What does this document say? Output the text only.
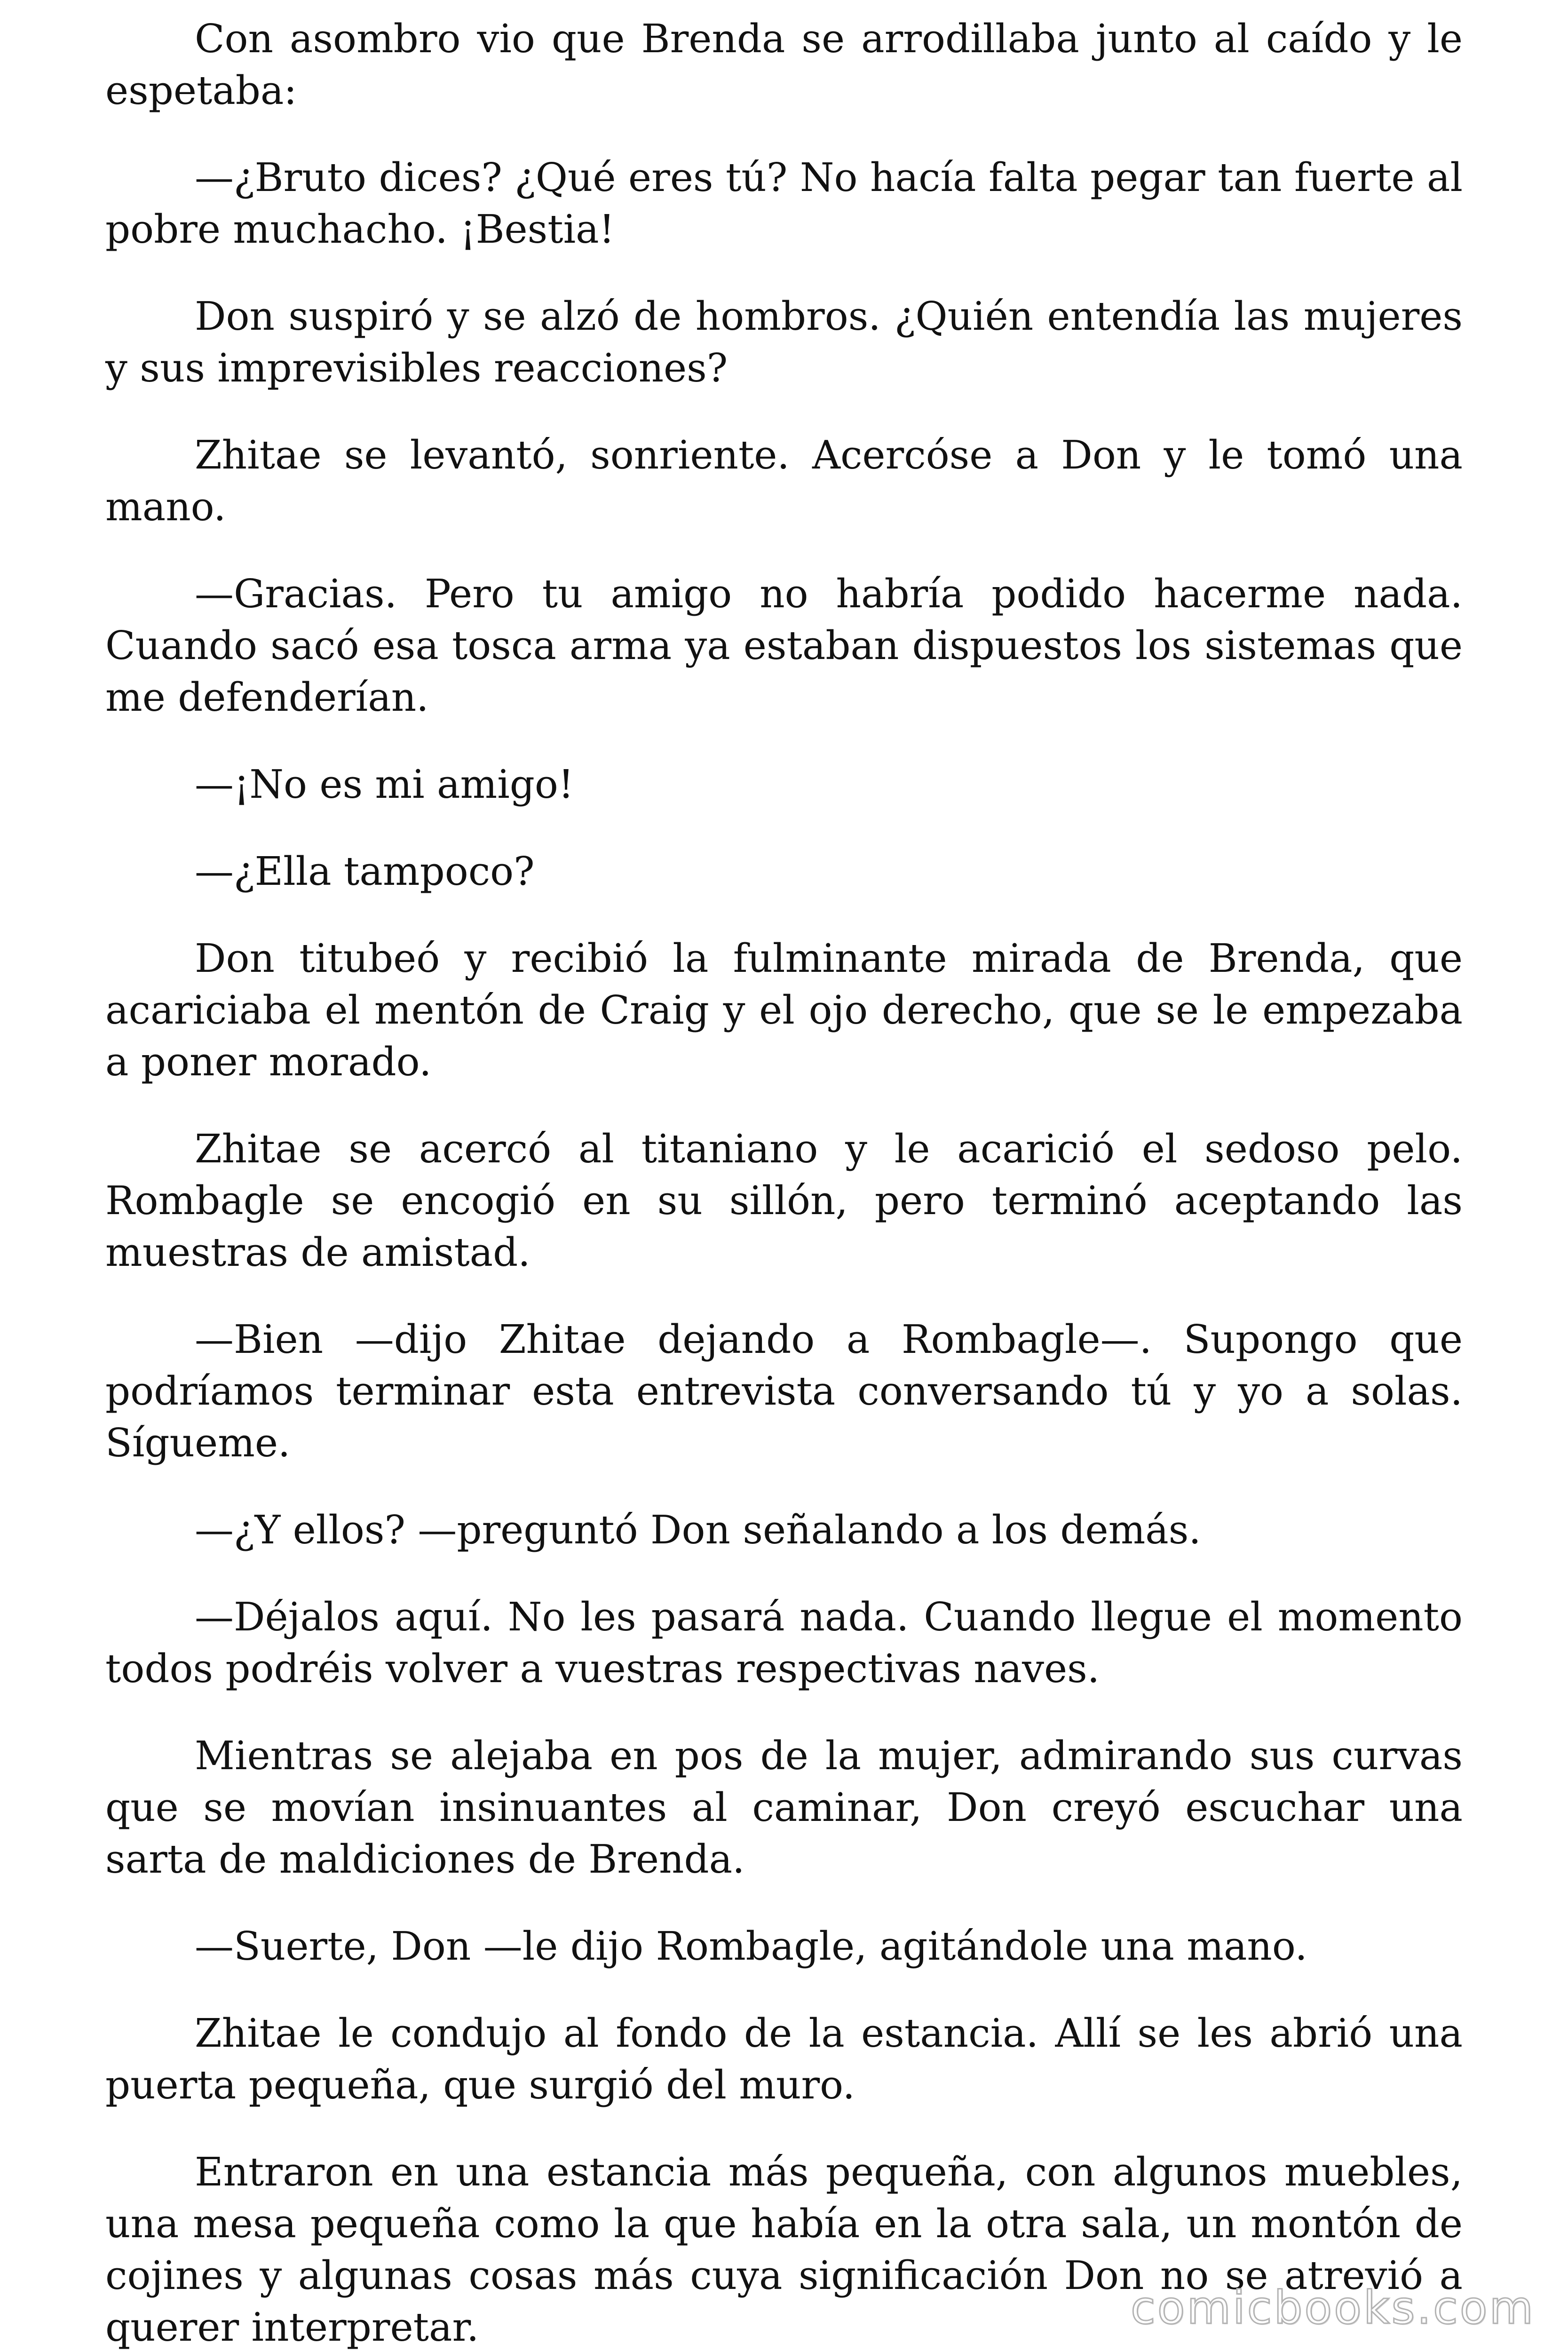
Con asombro vio que Brenda se arrodillaba junto al caído y le espetaba:

—¿Bruto dices? ¿Qué eres tú? No hacía falta pegar tan fuerte al pobre muchacho. ¡Bestia!

Don suspiró y se alzó de hombros. ¿Quién entendía las mujeres y sus imprevisibles reacciones?

Zhitae se levantó, sonriente. Acercóse a Don y le tomó una mano.

—Gracias. Pero tu amigo no habría podido hacerme nada. Cuando sacó esa tosca arma ya estaban dispuestos los sistemas que me defenderían.

—¡No es mi amigo!

—¿Ella tampoco?

Don titubeó y recibió la fulminante mirada de Brenda, que acariciaba el mentón de Craig y el ojo derecho, que se le empezaba a poner morado.

Zhitae se acercó al titaniano y le acarició el sedoso pelo. Rombagle se encogió en su sillón, pero terminó aceptando las muestras de amistad.

—Bien —dijo Zhitae dejando a Rombagle—. Supongo que podríamos terminar esta entrevista conversando tú y yo a solas. Sígueme.

—¿Y ellos? —preguntó Don señalando a los demás.

—Déjalos aquí. No les pasará nada. Cuando llegue el momento todos podréis volver a vuestras respectivas naves.

Mientras se alejaba en pos de la mujer, admirando sus curvas que se movían insinuantes al caminar, Don creyó escuchar una sarta de maldiciones de Brenda.

—Suerte, Don —le dijo Rombagle, agitándole una mano.

Zhitae le condujo al fondo de la estancia. Allí se les abrió una puerta pequeña, que surgió del muro.

Entraron en una estancia más pequeña, con algunos muebles, una mesa pequeña como la que había en la otra sala, un montón de cojines y algunas cosas más cuya significación Don no se atrevió a querer interpretar.	comicbooks.com
